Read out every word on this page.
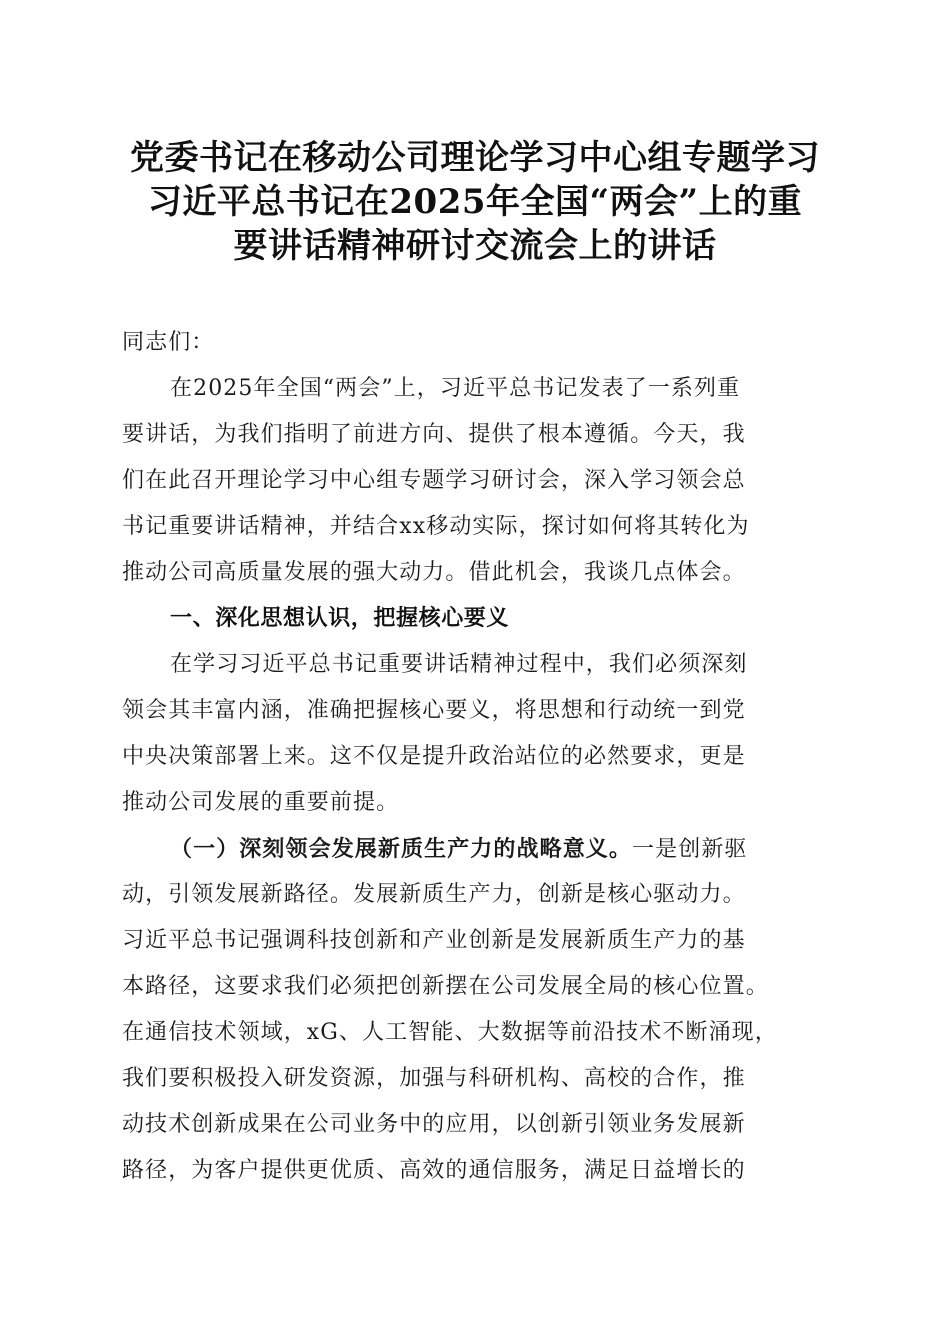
党委书记在移动公司理论学习中心组专题学习
习近平总书记在2025年全国“两会”上的重
要讲话精神研讨交流会上的讲话
同志们：
在2025年全国“两会”上，习近平总书记发表了一系列重
要讲话，为我们指明了前进方向、提供了根本遵循。今天，我
们在此召开理论学习中心组专题学习研讨会，深入学习领会总
书记重要讲话精神，并结合xx移动实际，探讨如何将其转化为
推动公司高质量发展的强大动力。借此机会，我谈几点体会。
一、深化思想认识，把握核心要义
在学习习近平总书记重要讲话精神过程中，我们必须深刻
领会其丰富内涵，准确把握核心要义，将思想和行动统一到党
中央决策部署上来。这不仅是提升政治站位的必然要求，更是
推动公司发展的重要前提。
（一）深刻领会发展新质生产力的战略意义。一是创新驱
动，引领发展新路径。发展新质生产力，创新是核心驱动力。
习近平总书记强调科技创新和产业创新是发展新质生产力的基
本路径，这要求我们必须把创新摆在公司发展全局的核心位置。
在通信技术领域，xG、人工智能、大数据等前沿技术不断涌现，
我们要积极投入研发资源，加强与科研机构、高校的合作，推
动技术创新成果在公司业务中的应用，以创新引领业务发展新
路径，为客户提供更优质、高效的通信服务，满足日益增长的
